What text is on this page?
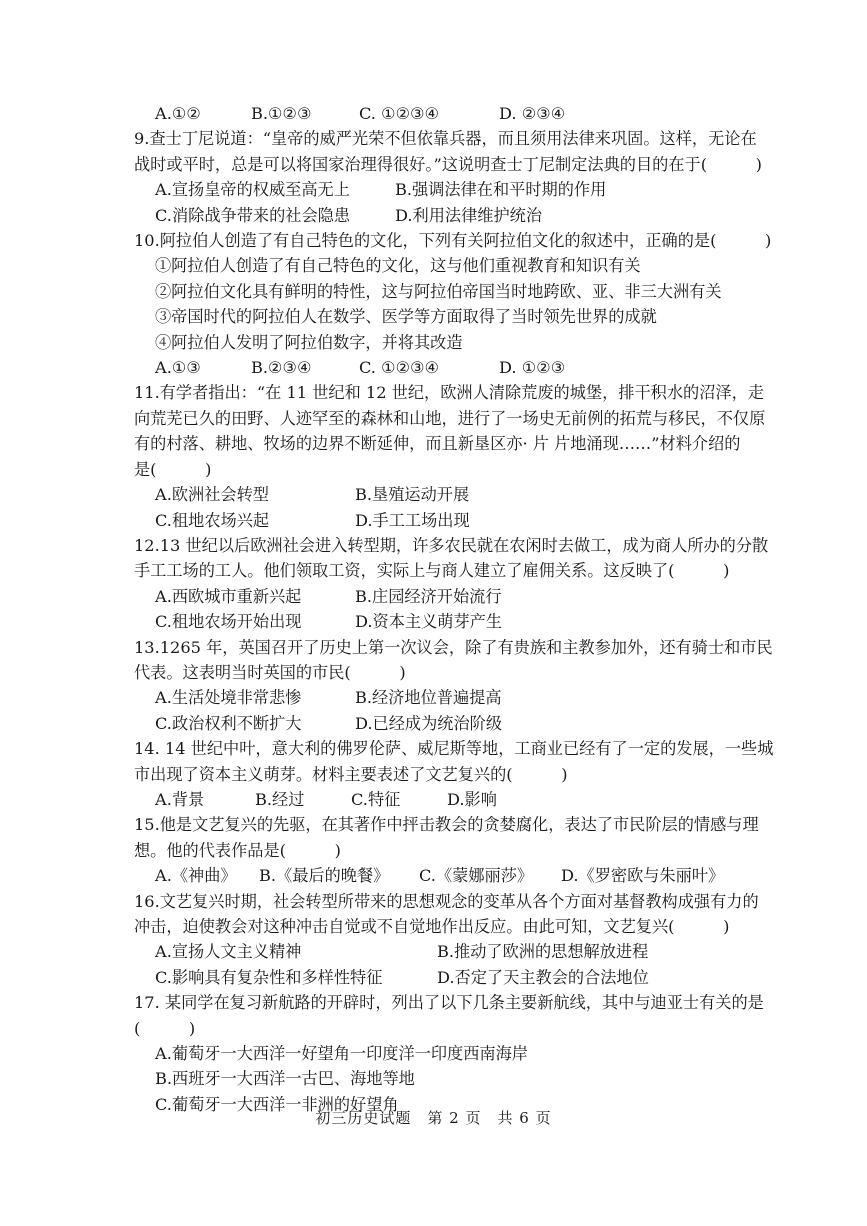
A.①②	B.①②③	C. ①②③④	D. ②③④
9.查士丁尼说道：“皇帝的威严光荣不但依靠兵器，而且须用法律来巩固。这样，无论在
战时或平时，总是可以将国家治理得很好。”这说明查士丁尼制定法典的目的在于(　　　)
A.宣扬皇帝的权威至高无上	B.强调法律在和平时期的作用
C.消除战争带来的社会隐患	D.利用法律维护统治
10.阿拉伯人创造了有自己特色的文化，下列有关阿拉伯文化的叙述中，正确的是(　　　)
①阿拉伯人创造了有自己特色的文化，这与他们重视教育和知识有关
②阿拉伯文化具有鲜明的特性，这与阿拉伯帝国当时地跨欧、亚、非三大洲有关
③帝国时代的阿拉伯人在数学、医学等方面取得了当时领先世界的成就
④阿拉伯人发明了阿拉伯数字，并将其改造
A.①③	B.②③④	C. ①②③④	D. ①②③
11.有学者指出：“在 11 世纪和 12 世纪，欧洲人清除荒废的城堡，排干积水的沼泽，走
向荒芜已久的田野、人迹罕至的森林和山地，进行了一场史无前例的拓荒与移民，不仅原
有的村落、耕地、牧场的边界不断延伸，而且新垦区亦· 片 片地涌现……”材料介绍的
是(　　　)
A.欧洲社会转型	B.垦殖运动开展
C.租地农场兴起	D.手工工场出现
12.13 世纪以后欧洲社会进入转型期，许多农民就在农闲时去做工，成为商人所办的分散
手工工场的工人。他们领取工资，实际上与商人建立了雇佣关系。这反映了(　　　)
A.西欧城市重新兴起	B.庄园经济开始流行
C.租地农场开始出现	D.资本主义萌芽产生
13.1265 年，英国召开了历史上第一次议会，除了有贵族和主教参加外，还有骑士和市民
代表。这表明当时英国的市民(　　　)
A.生活处境非常悲惨	B.经济地位普遍提高
C.政治权利不断扩大	D.已经成为统治阶级
14. 14 世纪中叶，意大利的佛罗伦萨、威尼斯等地，工商业已经有了一定的发展，一些城
市出现了资本主义萌芽。材料主要表述了文艺复兴的(　　　)
A.背景	B.经过	C.特征	D.影响
15.他是文艺复兴的先驱，在其著作中抨击教会的贪婪腐化，表达了市民阶层的情感与理
想。他的代表作品是(　　　)
A.《神曲》 B.《最后的晚餐》 C.《蒙娜丽莎》 D.《罗密欧与朱丽叶》
16.文艺复兴时期，社会转型所带来的思想观念的变革从各个方面对基督教构成强有力的
冲击，迫使教会对这种冲击自觉或不自觉地作出反应。由此可知，文艺复兴(　　　)
A.宣扬人文主义精神	B.推动了欧洲的思想解放进程
C.影响具有复杂性和多样性特征	D.否定了天主教会的合法地位
17. 某同学在复习新航路的开辟时，列出了以下几条主要新航线，其中与迪亚士有关的是
(　　　)
A.葡萄牙一大西洋一好望角一印度洋一印度西南海岸
B.西班牙一大西洋一古巴、海地等地
C.葡萄牙一大西洋一非洲的好望角
初三历史试题　第 2 页　共 6 页
